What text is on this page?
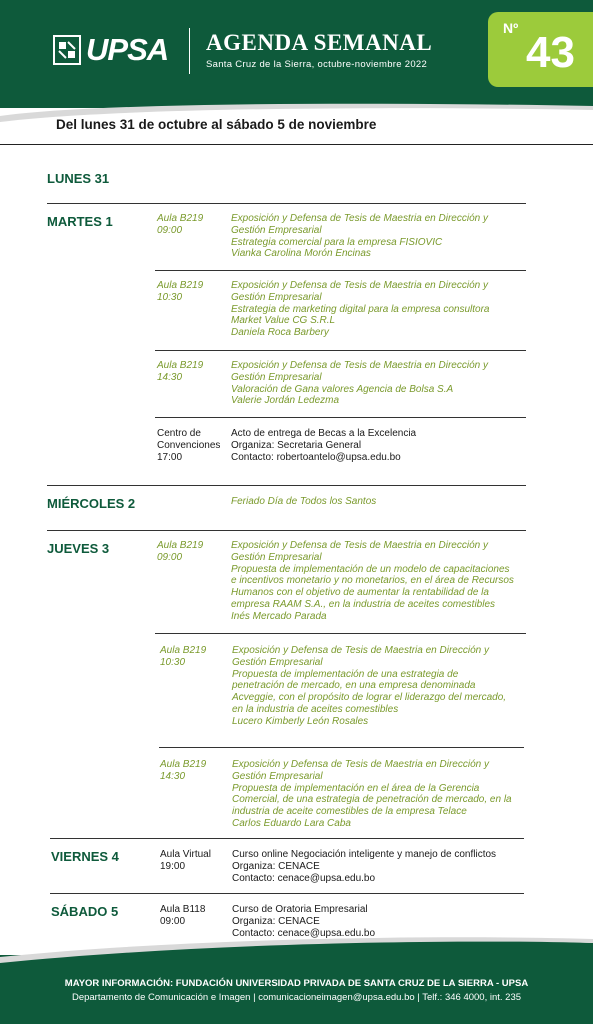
UPSA AGENDA SEMANAL
Santa Cruz de la Sierra, octubre-noviembre 2022
Nº 43
Del lunes 31 de octubre al sábado 5 de noviembre
LUNES 31
MARTES 1
MIÉRCOLES 2
JUEVES 3
VIERNES 4
SÁBADO 5
Aula B219
09:00
Exposición y Defensa de Tesis de Maestria en Dirección y
Gestión Empresarial
Estrategia comercial para la empresa FISIOVIC
Vianka Carolina Morón Encinas
Aula B219
10:30
Exposición y Defensa de Tesis de Maestria en Dirección y
Gestión Empresarial
Estrategia de marketing digital para la empresa consultora
Market Value CG S.R.L
Daniela Roca Barbery
Aula B219
14:30
Exposición y Defensa de Tesis de Maestria en Dirección y
Gestión Empresarial
Valoración de Gana valores Agencia de Bolsa S.A
Valerie Jordán Ledezma
Centro de
Convenciones
17:00
Acto de entrega de Becas a la Excelencia
Organiza: Secretaria General
Contacto: robertoantelo@upsa.edu.bo
Feriado Día de Todos los Santos
Aula B219
09:00
Exposición y Defensa de Tesis de Maestria en Dirección y
Gestión Empresarial
Propuesta de implementación de un modelo de capacitaciones
e incentivos monetario y no monetarios, en el área de Recursos
Humanos con el objetivo de aumentar la rentabilidad de la
empresa RAAM S.A., en la industria de aceites comestibles
Inés Mercado Parada
Aula B219
10:30
Exposición y Defensa de Tesis de Maestria en Dirección y
Gestión Empresarial
Propuesta de implementación de una estrategia de
penetración de mercado, en una empresa denominada
Acveggie, con el propósito de lograr el liderazgo del mercado,
en la industria de aceites comestibles
Lucero Kimberly León Rosales
Aula B219
14:30
Exposición y Defensa de Tesis de Maestria en Dirección y
Gestión Empresarial
Propuesta de implementación en el área de la Gerencia
Comercial, de una estrategia de penetración de mercado, en la
industria de aceite comestibles de la empresa Telace
Carlos Eduardo Lara Caba
Aula Virtual
19:00
Curso online Negociación inteligente y manejo de conflictos
Organiza: CENACE
Contacto: cenace@upsa.edu.bo
Aula B118
09:00
Curso de Oratoria Empresarial
Organiza: CENACE
Contacto: cenace@upsa.edu.bo
MAYOR INFORMACIÓN: FUNDACIÓN UNIVERSIDAD PRIVADA DE SANTA CRUZ DE LA SIERRA - UPSA
Departamento de Comunicación e Imagen | comunicacioneimagen@upsa.edu.bo | Telf.: 346 4000, int. 235
